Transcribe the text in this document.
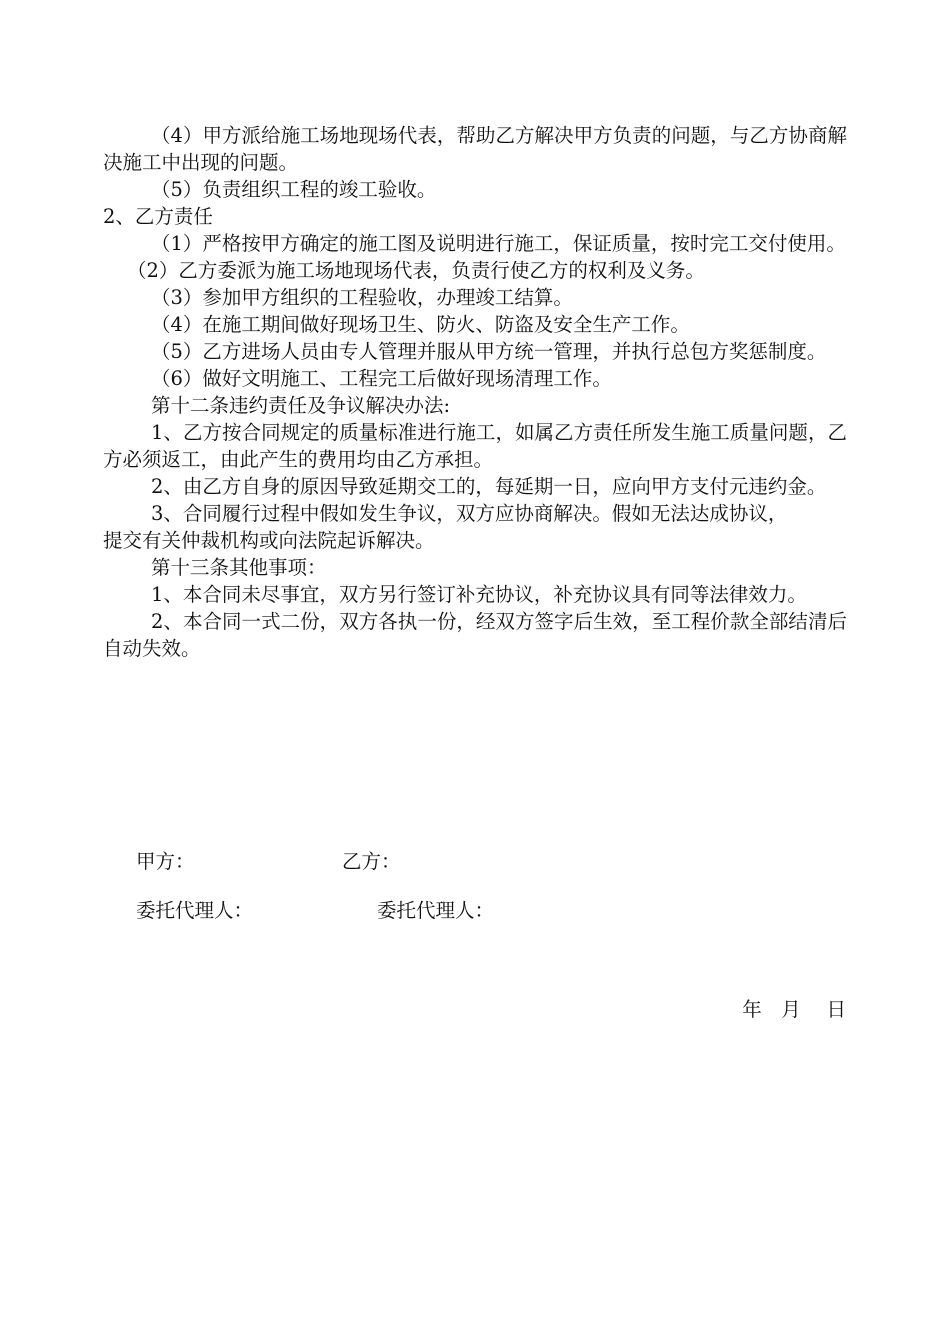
（4）甲方派给施工场地现场代表，帮助乙方解决甲方负责的问题，与乙方协商解决施工中出现的问题。

（5）负责组织工程的竣工验收。

2、乙方责任

（1）严格按甲方确定的施工图及说明进行施工，保证质量，按时完工交付使用。

（2）乙方委派为施工场地现场代表，负责行使乙方的权利及义务。

（3）参加甲方组织的工程验收，办理竣工结算。

（4）在施工期间做好现场卫生、防火、防盗及安全生产工作。

（5）乙方进场人员由专人管理并服从甲方统一管理，并执行总包方奖惩制度。

（6）做好文明施工、工程完工后做好现场清理工作。

第十二条违约责任及争议解决办法:

1、乙方按合同规定的质量标准进行施工，如属乙方责任所发生施工质量问题，乙方必须返工，由此产生的费用均由乙方承担。

2、由乙方自身的原因导致延期交工的，每延期一日，应向甲方支付元违约金。

3、合同履行过程中假如发生争议，双方应协商解决。假如无法达成协议，

提交有关仲裁机构或向法院起诉解决。

第十三条其他事项：

1、本合同未尽事宜，双方另行签订补充协议，补充协议具有同等法律效力。

2、本合同一式二份，双方各执一份，经双方签字后生效，至工程价款全部结清后自动失效。

甲方：	乙方：
委托代理人：	委托代理人：
年　月　 日
